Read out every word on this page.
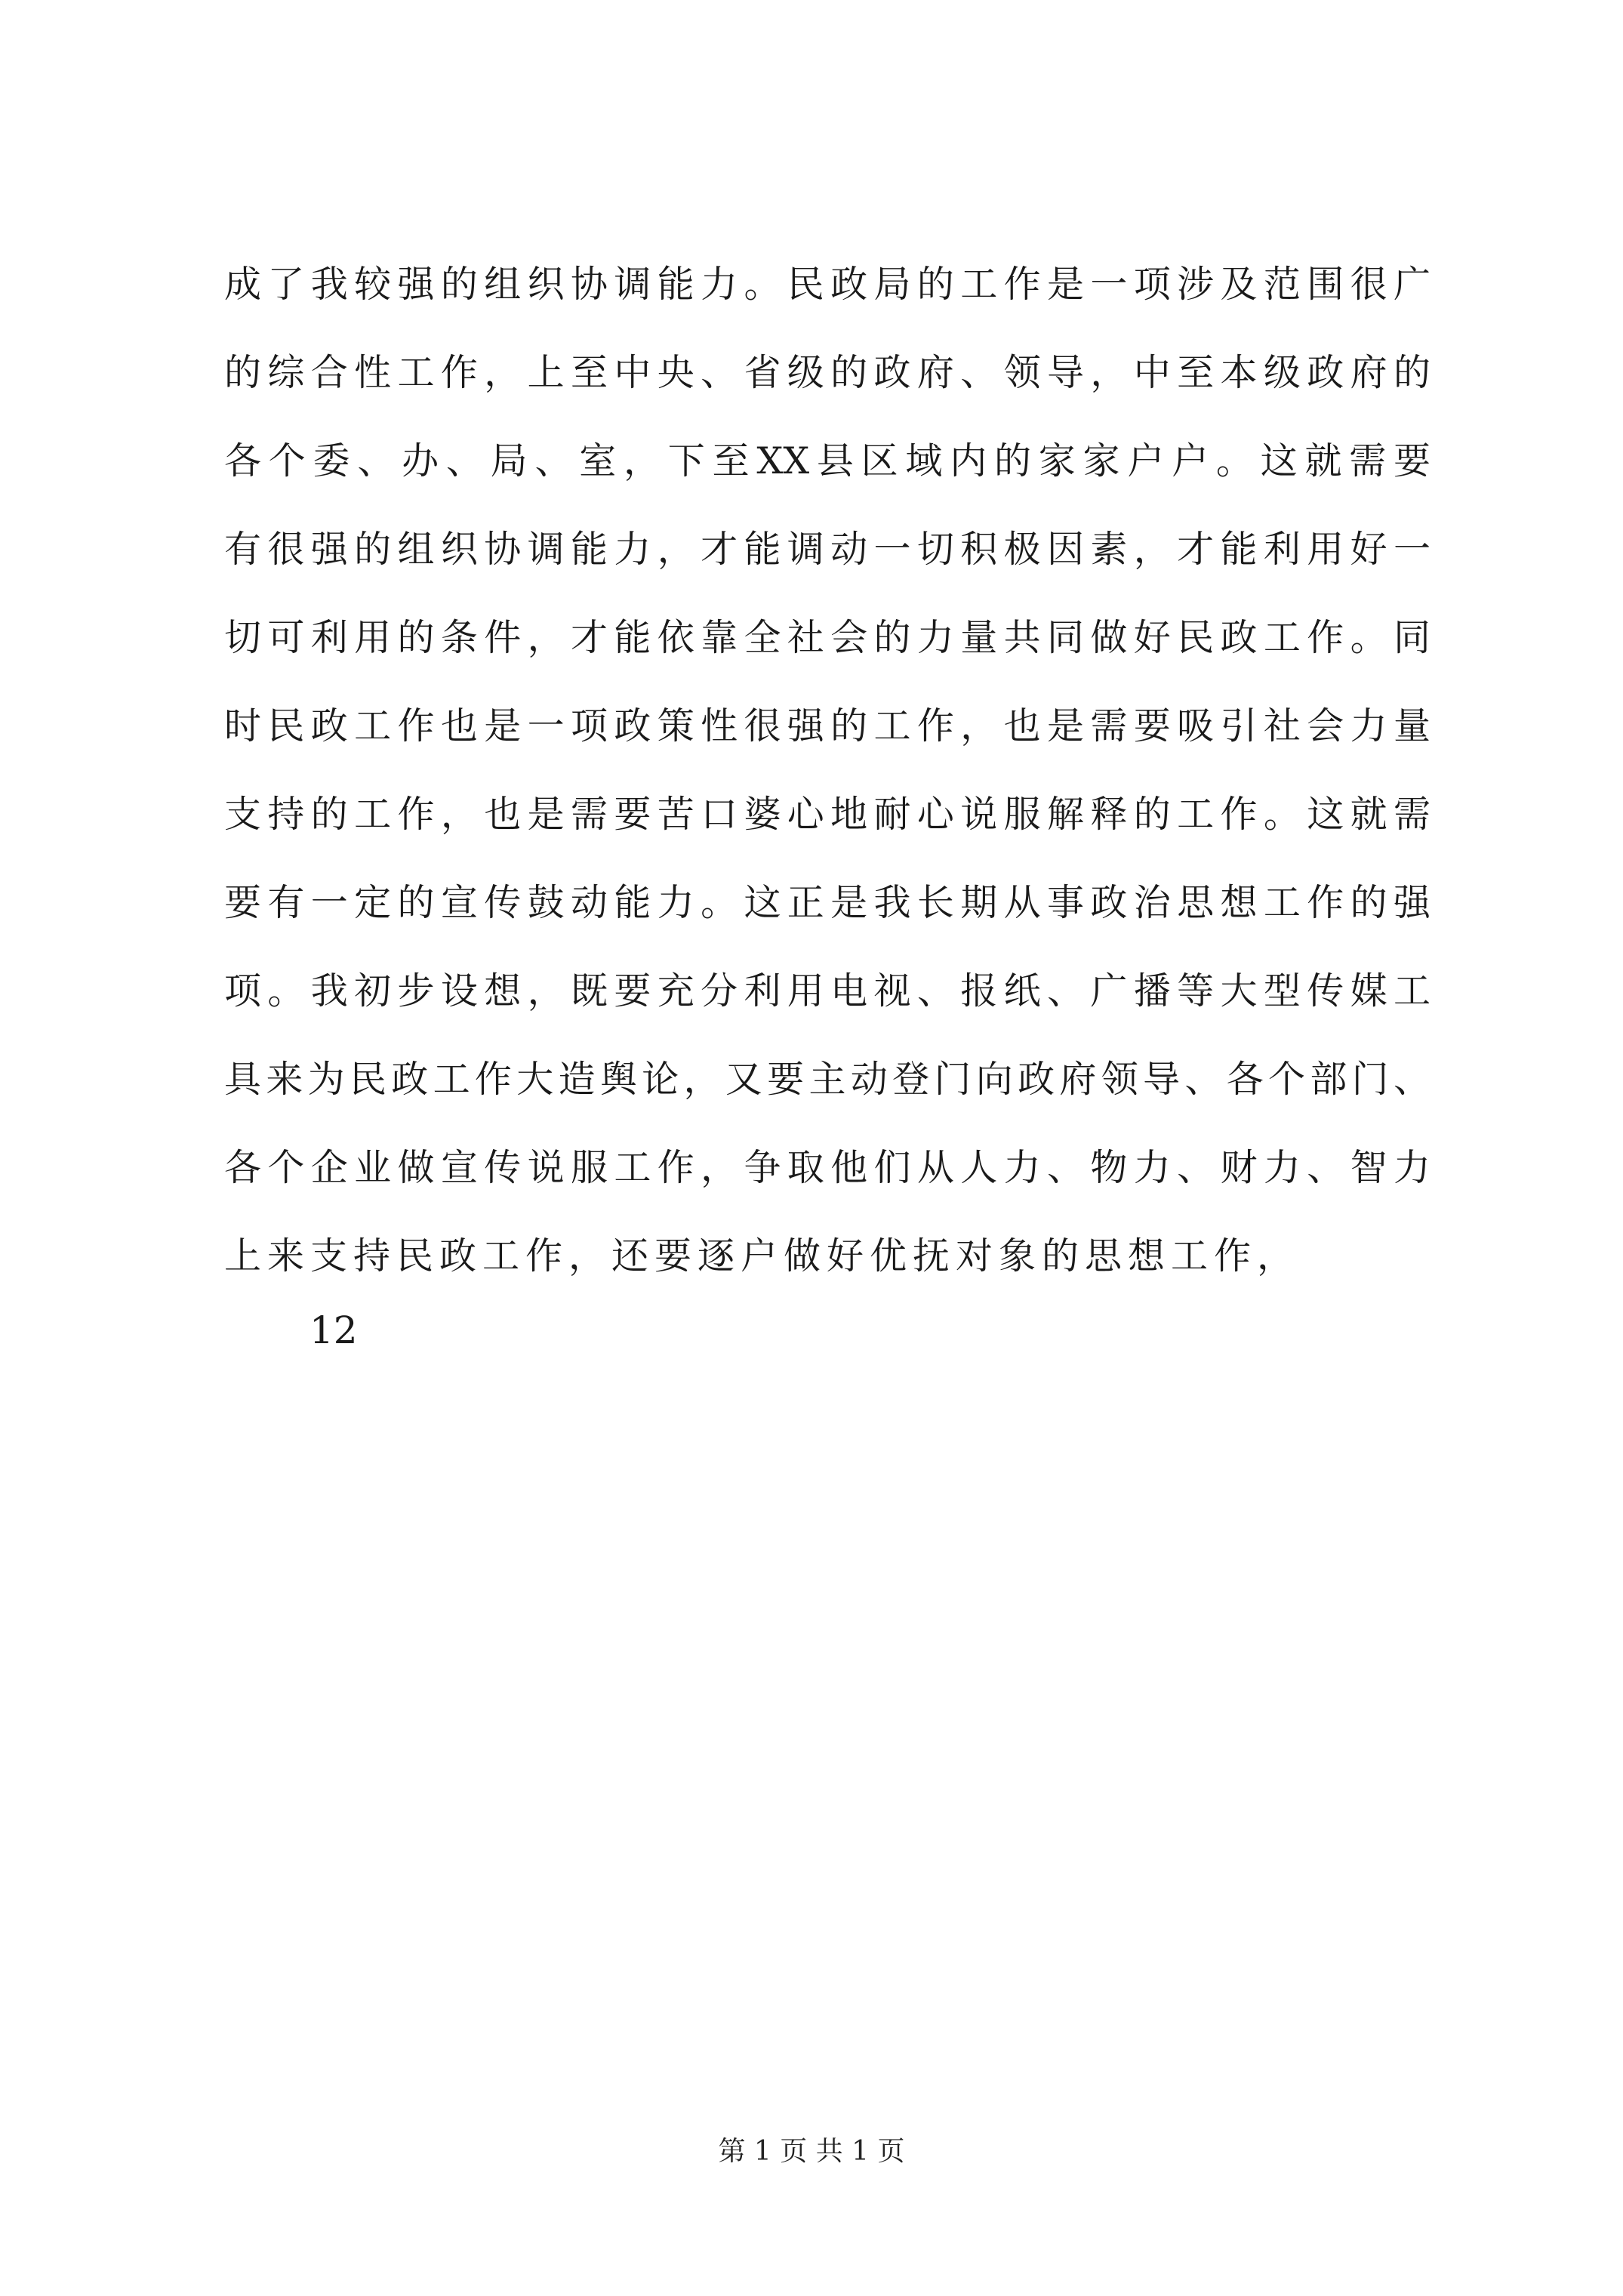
成了我较强的组织协调能力。民政局的工作是一项涉及范围很广
的综合性工作，上至中央、省级的政府、领导，中至本级政府的
各个委、办、局、室，下至XX县区域内的家家户户。这就需要
有很强的组织协调能力，才能调动一切积极因素，才能利用好一
切可利用的条件，才能依靠全社会的力量共同做好民政工作。同
时民政工作也是一项政策性很强的工作，也是需要吸引社会力量
支持的工作，也是需要苦口婆心地耐心说服解释的工作。这就需
要有一定的宣传鼓动能力。这正是我长期从事政治思想工作的强
项。我初步设想，既要充分利用电视、报纸、广播等大型传媒工
具来为民政工作大造舆论，又要主动登门向政府领导、各个部门、
各个企业做宣传说服工作，争取他们从人力、物力、财力、智力
上来支持民政工作，还要逐户做好优抚对象的思想工作，
12
第 1 页 共 1 页
